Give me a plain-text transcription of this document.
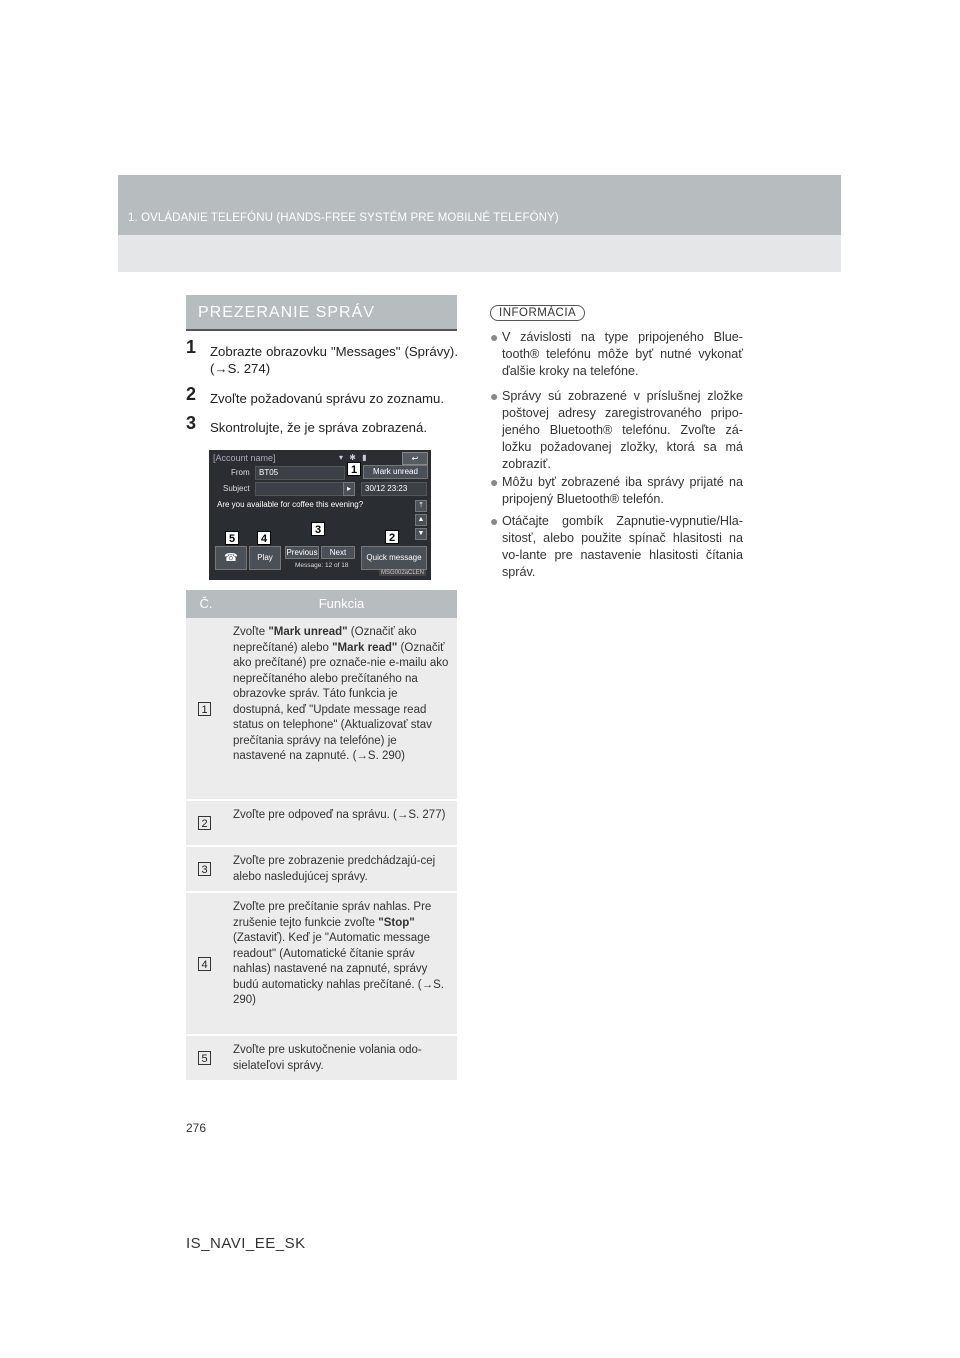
1. OVLÁDANIE TELEFÓNU (HANDS-FREE SYSTÉM PRE MOBILNÉ TELEFÓNY)
PREZERANIE SPRÁV
1 Zobrazte obrazovku "Messages" (Správy). (→S. 274)
2 Zvoľte požadovanú správu zo zoznamu.
3 Skontrolujte, že je správa zobrazená.
[Account name]	▾ ✱ ▮	↩
From	BT05	Mark unread
Subject	▸	30/12 23:23
Are you available for coffee this evening?	⤒
▲
▼
☎	Play
Previous	Next
Message: 12 of 18
Quick message
1
2
3
4
5
MSG002aCLEN
Č.	Funkcia
1
Zvoľte "Mark unread" (Označiť ako neprečítané) alebo "Mark read" (Označiť ako prečítané) pre označe-nie e-mailu ako neprečítaného alebo prečítaného na obrazovke správ. Táto funkcia je dostupná, keď "Update message read status on telephone" (Aktualizovať stav prečítania správy na telefóne) je nastavené na zapnuté. (→S. 290)
2
Zvoľte pre odpoveď na správu. (→S. 277)
3
Zvoľte pre zobrazenie predchádzajú-cej alebo nasledujúcej správy.
4
Zvoľte pre prečítanie správ nahlas. Pre zrušenie tejto funkcie zvoľte "Stop" (Zastaviť). Keď je "Automatic message readout" (Automatické čítanie správ nahlas) nastavené na zapnuté, správy budú automaticky nahlas prečítané. (→S. 290)
5
Zvoľte pre uskutočnenie volania odo-sielateľovi správy.
INFORMÁCIA
● V závislosti na type pripojeného Blue-tooth® telefónu môže byť nutné vykonať ďalšie kroky na telefóne.
● Správy sú zobrazené v príslušnej zložke poštovej adresy zaregistrovaného pripo-jeného Bluetooth® telefónu. Zvoľte zá-ložku požadovanej zložky, ktorá sa má zobraziť.
● Môžu byť zobrazené iba správy prijaté na pripojený Bluetooth® telefón.
● Otáčajte gombík Zapnutie-vypnutie/Hla-sitosť, alebo použite spínač hlasitosti na vo-lante pre nastavenie hlasitosti čítania správ.
276
IS_NAVI_EE_SK
